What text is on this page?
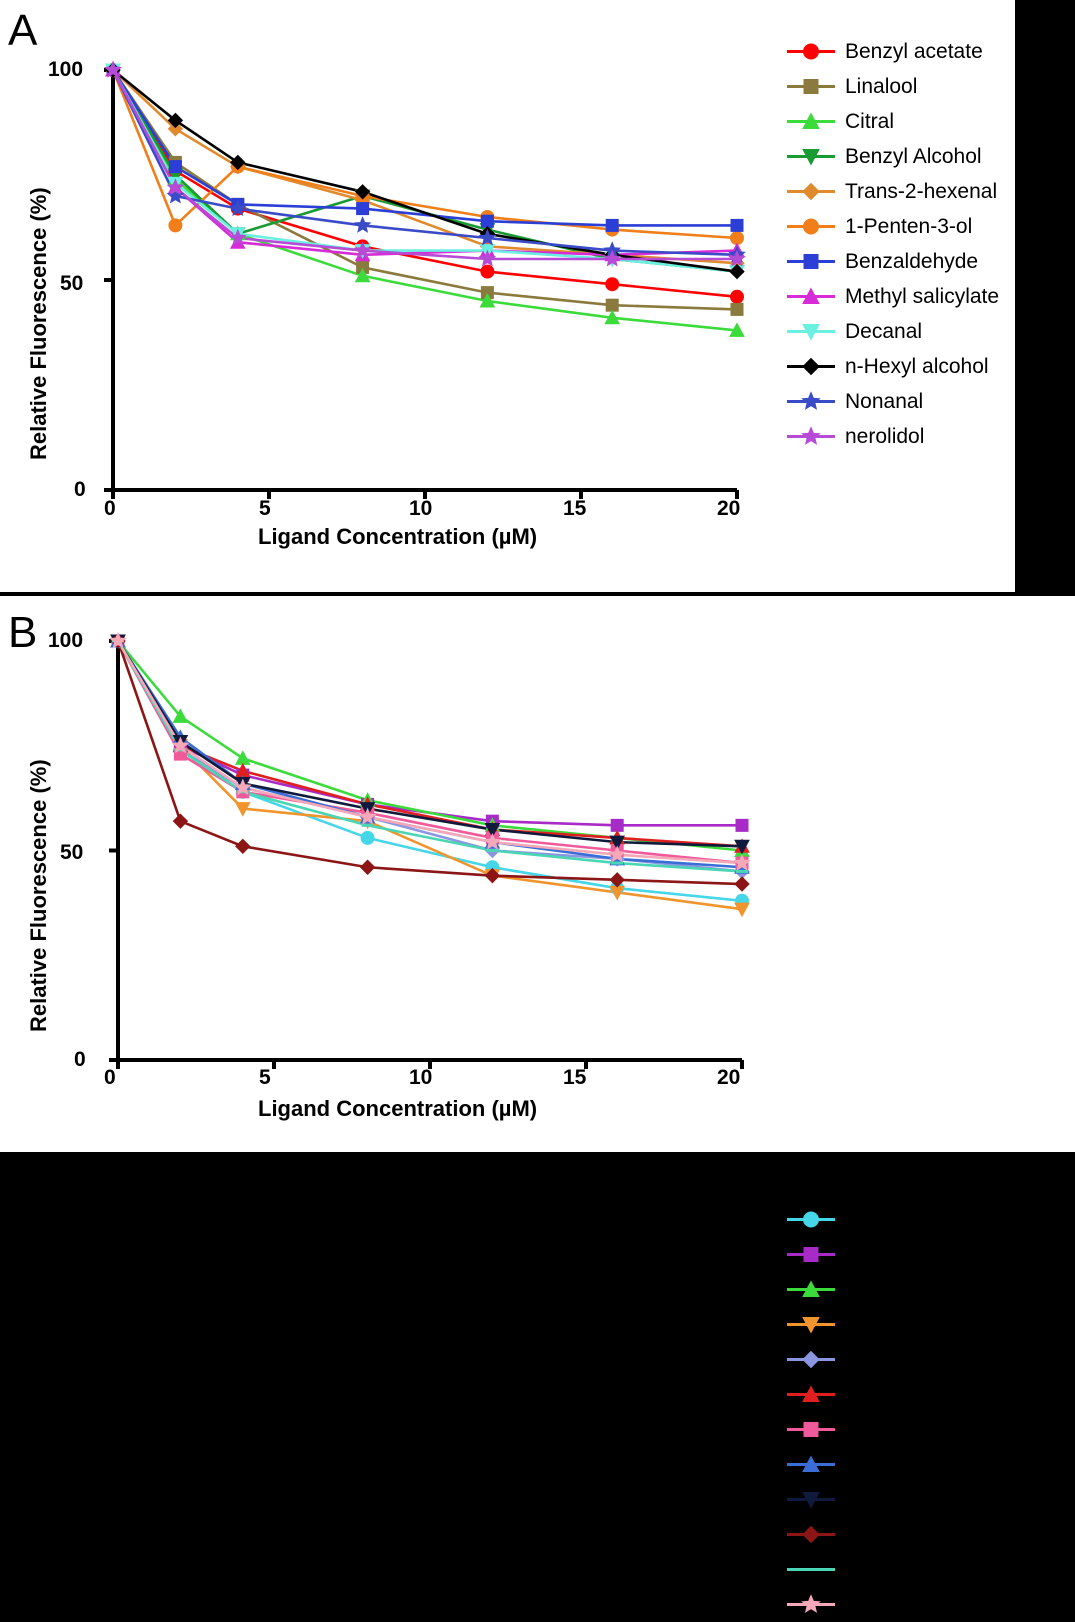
A
Relative Fluorescence (%)
Ligand Concentration (µM)
100
50
0
0	5	10	15	20
Benzyl acetate
Linalool
Citral
Benzyl Alcohol
Trans-2-hexenal
1-Penten-3-ol
Benzaldehyde
Methyl salicylate
Decanal
n-Hexyl alcohol
Nonanal
nerolidol
B
Relative Fluorescence (%)
Ligand Concentration (µM)
100
50
0
0	5	10	15	20
L(-)-Carvone
Cinnamaldehyde
Cis-3-Hexenyl tyrate
4-allylanisole
Eucalyptol
Cis-3-Hexenyl caproate
Cis-3-Hexenyl acetate
Geranyl acetate
Ocimene
(S)-(+)-Carvone
Eugenol
Carvacrol
